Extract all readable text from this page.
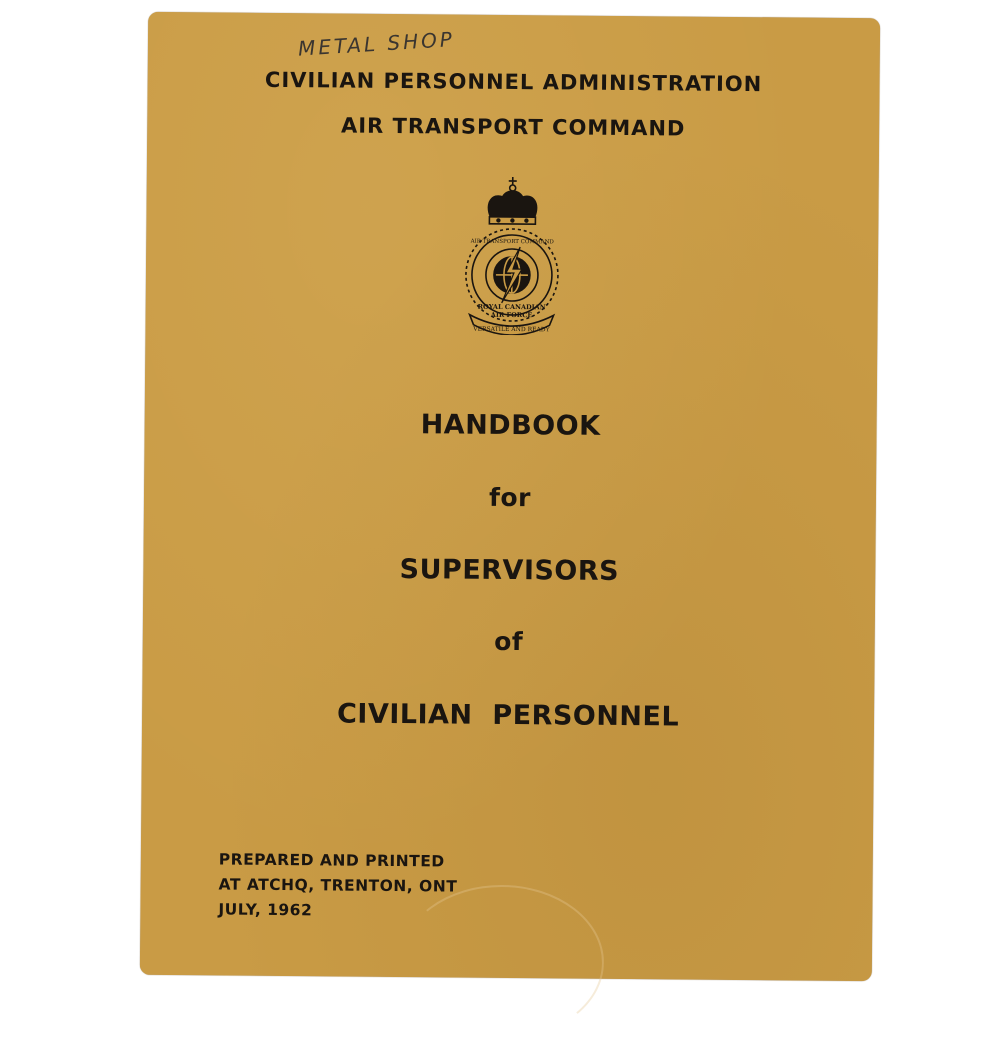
METAL SHOP
CIVILIAN PERSONNEL ADMINISTRATION
AIR TRANSPORT COMMAND
VERSATILE AND READY
ROYAL CANADIAN
AIR FORCE
AIR TRANSPORT COMMAND
HANDBOOK
for
SUPERVISORS
of
CIVILIAN  PERSONNEL
PREPARED AND PRINTED
AT ATCHQ, TRENTON, ONT
JULY, 1962
